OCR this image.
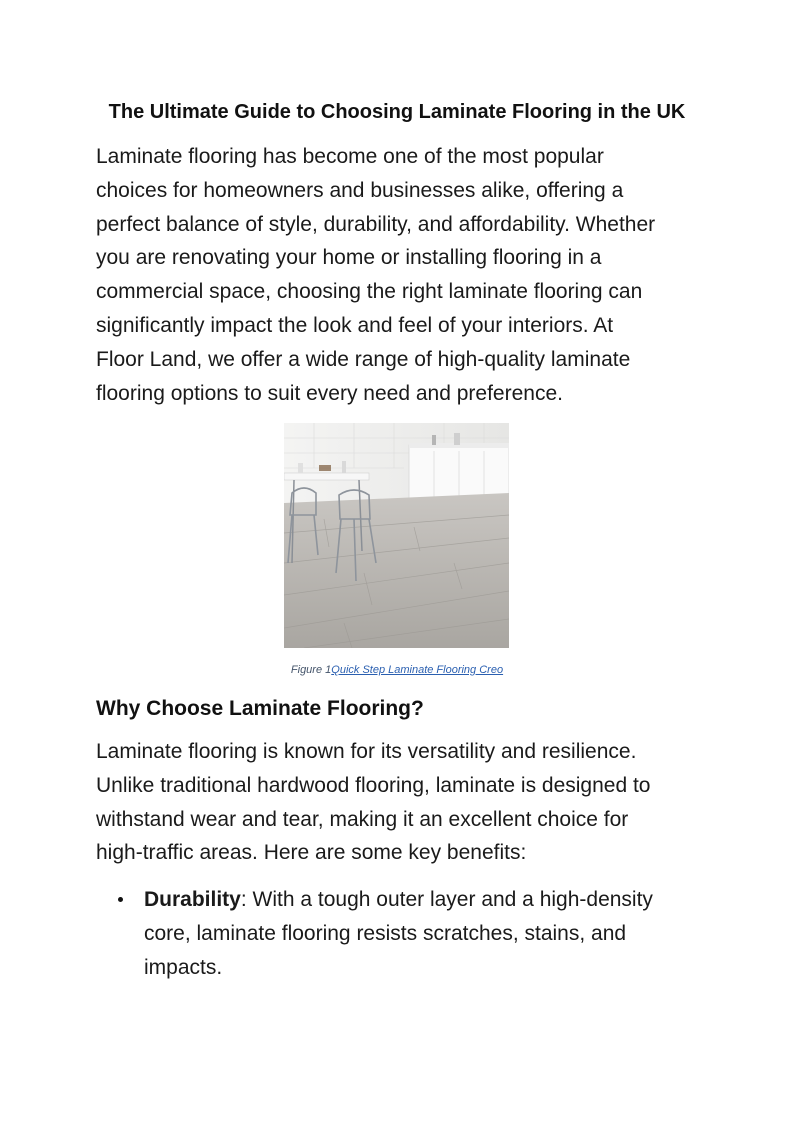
The Ultimate Guide to Choosing Laminate Flooring in the UK
Laminate flooring has become one of the most popular
choices for homeowners and businesses alike, offering a
perfect balance of style, durability, and affordability. Whether
you are renovating your home or installing flooring in a
commercial space, choosing the right laminate flooring can
significantly impact the look and feel of your interiors. At
Floor Land, we offer a wide range of high-quality laminate
flooring options to suit every need and preference.
Figure 1Quick Step Laminate Flooring Creo
Why Choose Laminate Flooring?
Laminate flooring is known for its versatility and resilience.
Unlike traditional hardwood flooring, laminate is designed to
withstand wear and tear, making it an excellent choice for
high-traffic areas. Here are some key benefits:
Durability: With a tough outer layer and a high-density
core, laminate flooring resists scratches, stains, and
impacts.
